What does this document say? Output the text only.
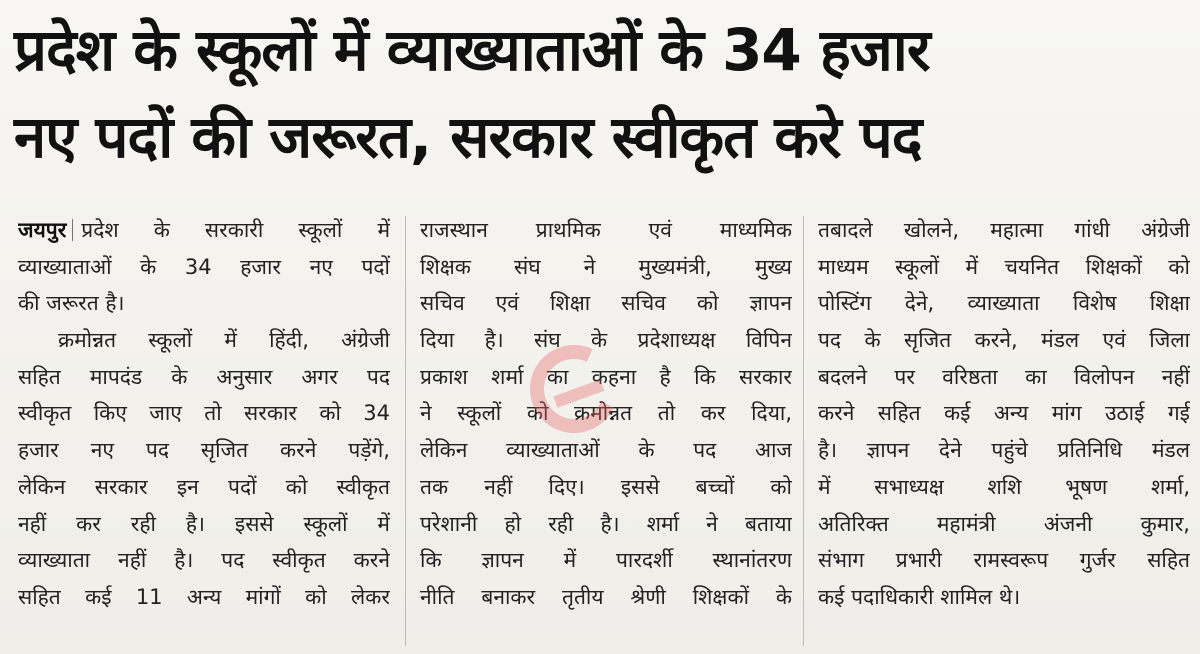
प्रदेश के स्कूलों में व्याख्याताओं के 34 हजार
नए पदों की जरूरत, सरकार स्वीकृत करे पद
जयपुर प्रदेश के सरकारी स्कूलों में
व्याख्याताओं के 34 हजार नए पदों
की जरूरत है।
क्रमोन्नत स्कूलों में हिंदी, अंग्रेजी
सहित मापदंड के अनुसार अगर पद
स्वीकृत किए जाए तो सरकार को 34
हजार नए पद सृजित करने पड़ेंगे,
लेकिन सरकार इन पदों को स्वीकृत
नहीं कर रही है। इससे स्कूलों में
व्याख्याता नहीं है। पद स्वीकृत करने
सहित कई 11 अन्य मांगों को लेकर
राजस्थान प्राथमिक एवं माध्यमिक
शिक्षक संघ ने मुख्यमंत्री, मुख्य
सचिव एवं शिक्षा सचिव को ज्ञापन
दिया है। संघ के प्रदेशाध्यक्ष विपिन
प्रकाश शर्मा का कहना है कि सरकार
ने स्कूलों को क्रमोन्नत तो कर दिया,
लेकिन व्याख्याताओं के पद आज
तक नहीं दिए। इससे बच्चों को
परेशानी हो रही है। शर्मा ने बताया
कि ज्ञापन में पारदर्शी स्थानांतरण
नीति बनाकर तृतीय श्रेणी शिक्षकों के
तबादले खोलने, महात्मा गांधी अंग्रेजी
माध्यम स्कूलों में चयनित शिक्षकों को
पोस्टिंग देने, व्याख्याता विशेष शिक्षा
पद के सृजित करने, मंडल एवं जिला
बदलने पर वरिष्ठता का विलोपन नहीं
करने सहित कई अन्य मांग उठाई गई
है। ज्ञापन देने पहुंचे प्रतिनिधि मंडल
में सभाध्यक्ष शशि भूषण शर्मा,
अतिरिक्त महामंत्री अंजनी कुमार,
संभाग प्रभारी रामस्वरूप गुर्जर सहित
कई पदाधिकारी शामिल थे।
